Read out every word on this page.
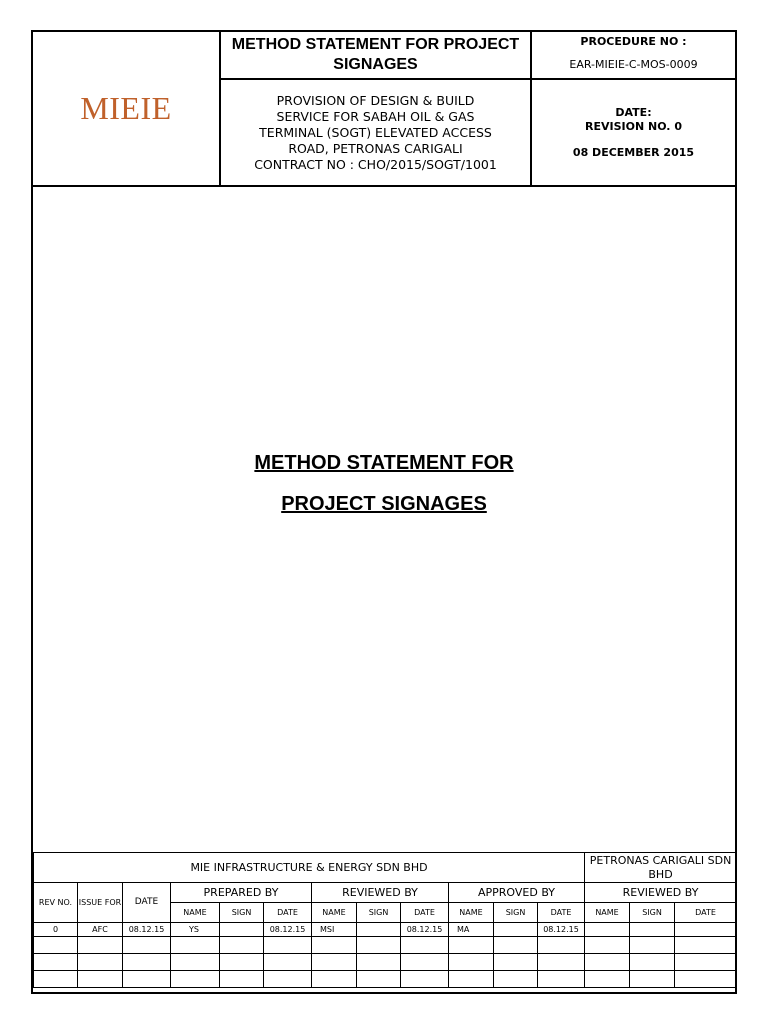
MIEIE
METHOD STATEMENT FOR PROJECT SIGNAGES
PROVISION OF DESIGN & BUILD
SERVICE FOR SABAH OIL & GAS
TERMINAL (SOGT) ELEVATED ACCESS
ROAD, PETRONAS CARIGALI
CONTRACT NO : CHO/2015/SOGT/1001
PROCEDURE NO :
EAR-MIEIE-C-MOS-0009
DATE:
REVISION NO. 0
08 DECEMBER 2015
METHOD STATEMENT FOR
PROJECT SIGNAGES
MIE INFRASTRUCTURE & ENERGY SDN BHD												PETRONAS CARIGALI SDN BHD		
REV NO.	ISSUE FOR	DATE	PREPARED BY			REVIEWED BY			APPROVED BY			REVIEWED BY		
			NAME	SIGN	DATE	NAME	SIGN	DATE	NAME	SIGN	DATE	NAME	SIGN	DATE
0	AFC	08.12.15	YS		08.12.15	MSI		08.12.15	MA		08.12.15			
